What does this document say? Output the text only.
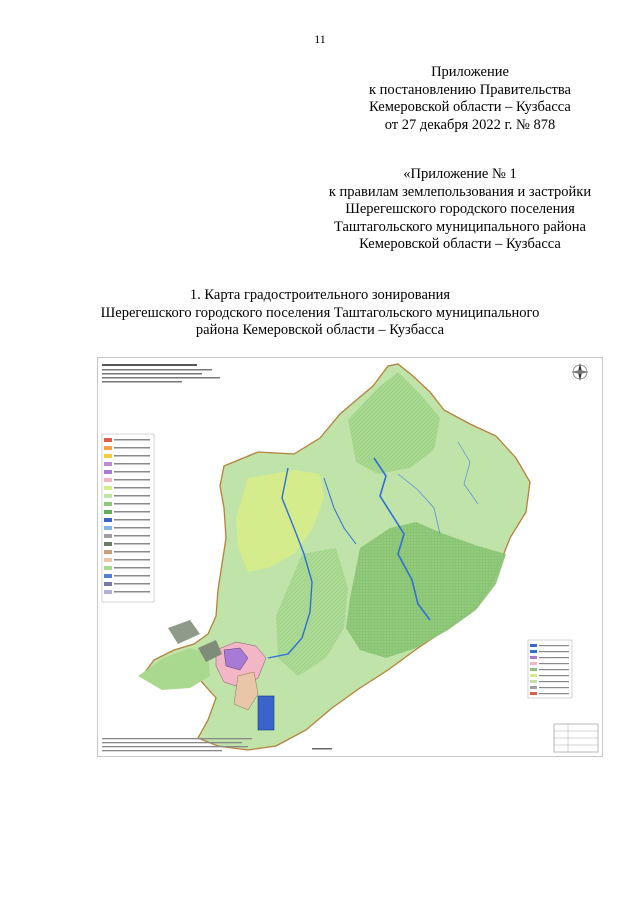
11
Приложение
к постановлению Правительства
Кемеровской области – Кузбасса
от 27 декабря 2022 г. № 878
«Приложение № 1
к правилам землепользования и застройки
Шерегешского городского поселения
Таштагольского муниципального района
Кемеровской области – Кузбасса
1. Карта градостроительного зонирования
Шерегешского городского поселения Таштагольского муниципального
района Кемеровской области – Кузбасса
